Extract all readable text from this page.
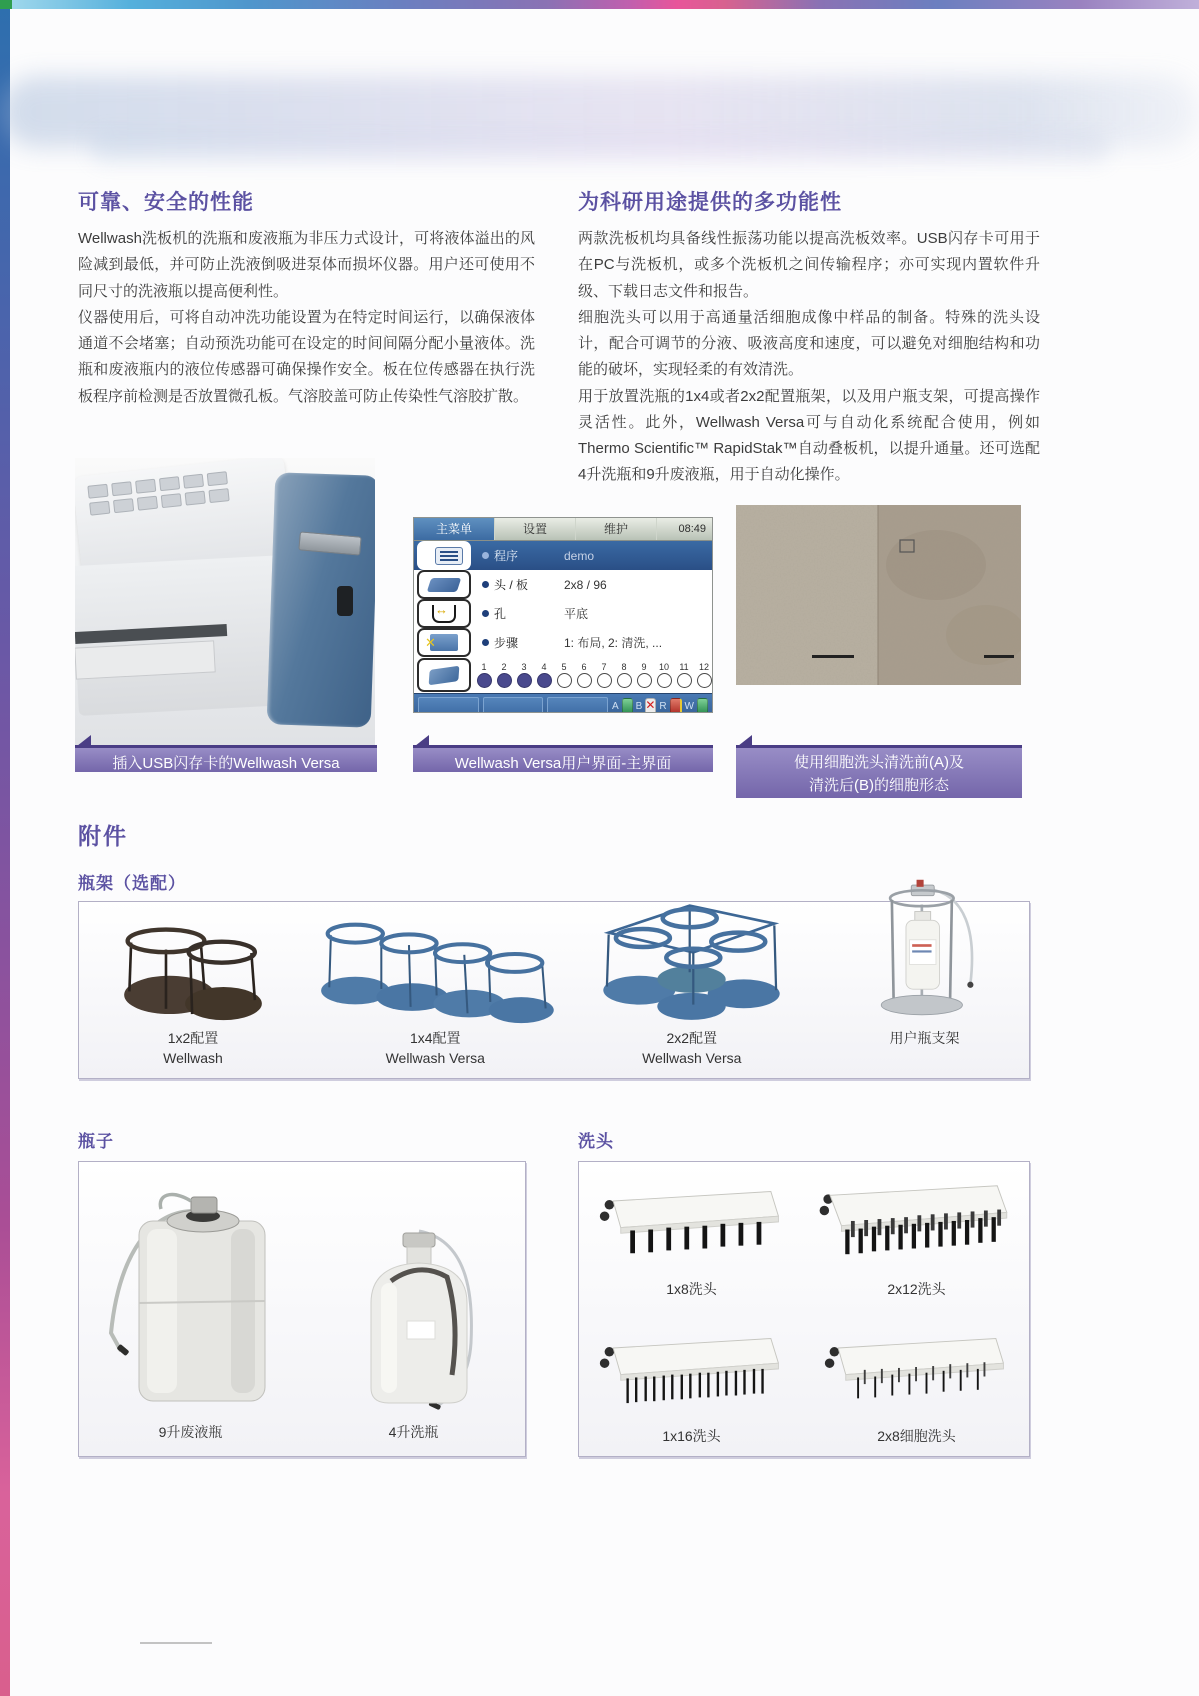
可靠、安全的性能

Wellwash洗板机的洗瓶和废液瓶为非压力式设计，可将液体溢出的风险减到最低，并可防止洗液倒吸进泵体而损坏仪器。用户还可使用不同尺寸的洗液瓶以提高便利性。

仪器使用后，可将自动冲洗功能设置为在特定时间运行，以确保液体通道不会堵塞；自动预洗功能可在设定的时间间隔分配小量液体。洗瓶和废液瓶内的液位传感器可确保操作安全。板在位传感器在执行洗板程序前检测是否放置微孔板。气溶胶盖可防止传染性气溶胶扩散。

为科研用途提供的多功能性

两款洗板机均具备线性振荡功能以提高洗板效率。USB闪存卡可用于在PC与洗板机，或多个洗板机之间传输程序；亦可实现内置软件升级、下载日志文件和报告。

细胞洗头可以用于高通量活细胞成像中样品的制备。特殊的洗头设计，配合可调节的分液、吸液高度和速度，可以避免对细胞结构和功能的破坏，实现轻柔的有效清洗。

用于放置洗瓶的1x4或者2x2配置瓶架，以及用户瓶支架，可提高操作灵活性。此外，Wellwash Versa可与自动化系统配合使用，例如Thermo Scientific™ RapidStak™自动叠板机，以提升通量。还可选配4升洗瓶和9升废液瓶，用于自动化操作。

主菜单	设置	维护	08:49
程序	demo
头 / 板	2x8 / 96
↔
孔	平底
✕
步骤	1: 布局, 2: 清洗, ...
1 2 3 4 5 6 7 8 9 10 11 12
A B ✕ R W
插入USB闪存卡的Wellwash Versa	Wellwash Versa用户界面-主界面	使用细胞洗头清洗前(A)及
清洗后(B)的细胞形态
附件
瓶架（选配）
1x2配置
Wellwash
1x4配置
Wellwash Versa
2x2配置
Wellwash Versa
用户瓶支架
瓶子	洗头
9升废液瓶	4升洗瓶
1x8洗头	2x12洗头
1x16洗头	2x8细胞洗头
